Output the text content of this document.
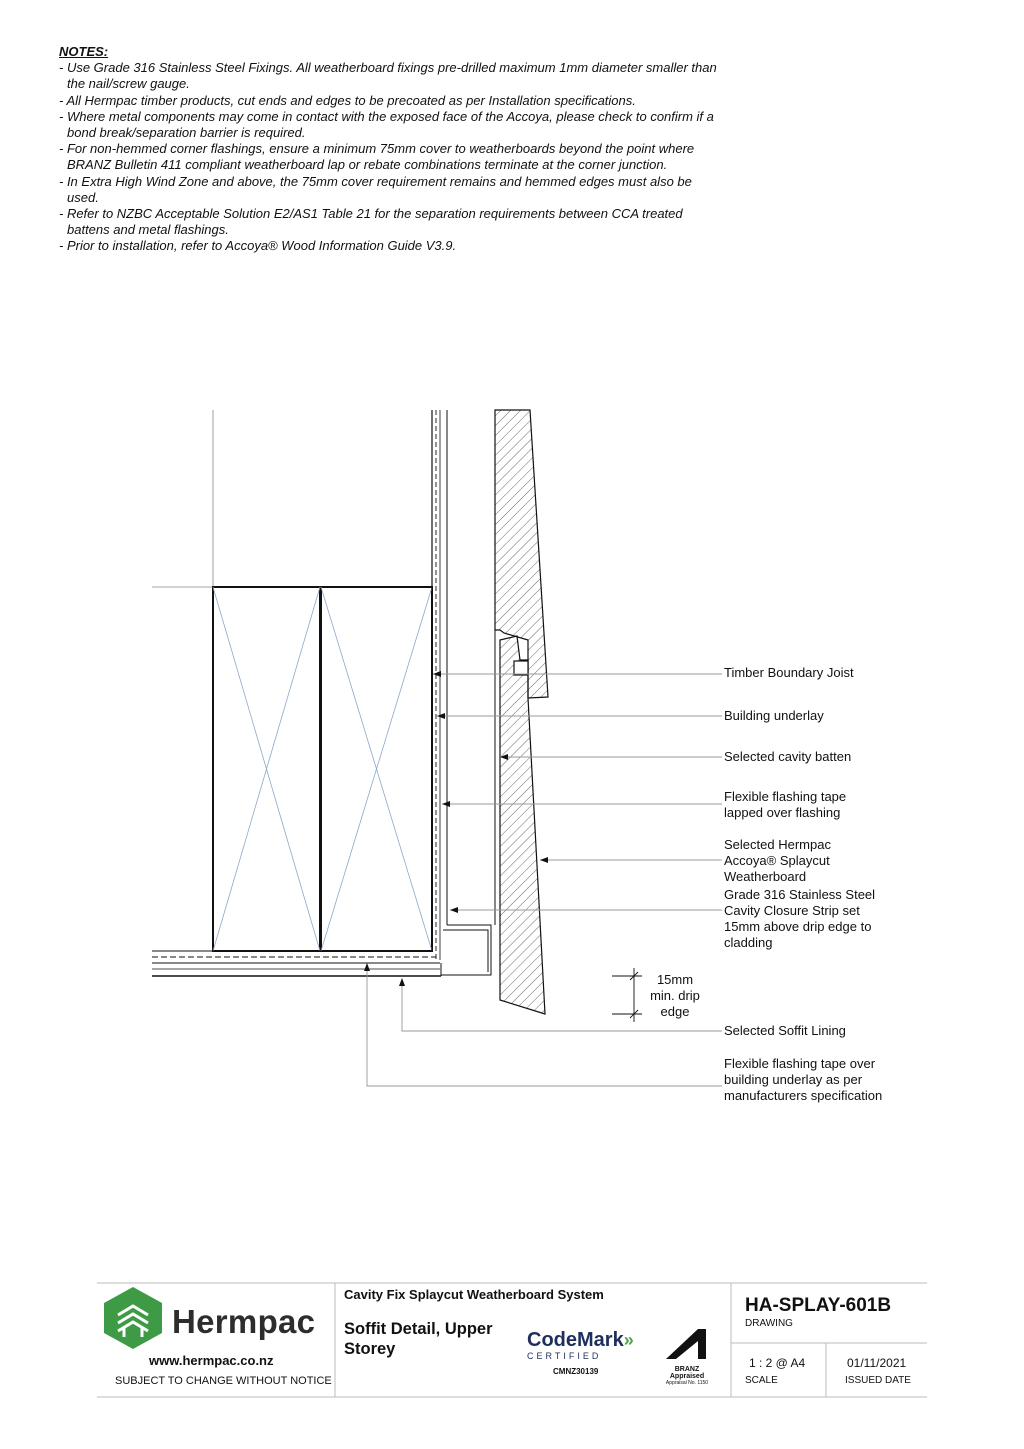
NOTES:
- Use Grade 316 Stainless Steel Fixings. All weatherboard fixings pre-drilled maximum 1mm diameter smaller than the nail/screw gauge.
- All Hermpac timber products, cut ends and edges to be precoated as per Installation specifications.
- Where metal components may come in contact with the exposed face of the Accoya, please check to confirm if a bond break/separation barrier is required.
- For non-hemmed corner flashings, ensure a minimum 75mm cover to weatherboards beyond the point where BRANZ Bulletin 411 compliant weatherboard lap or rebate combinations terminate at the corner junction.
- In Extra High Wind Zone and above, the 75mm cover requirement remains and hemmed edges must also be used.
- Refer to NZBC Acceptable Solution E2/AS1 Table 21 for the separation requirements between CCA treated battens and metal flashings.
- Prior to installation, refer to Accoya® Wood Information Guide V3.9.
Timber Boundary Joist
Building underlay
Selected cavity batten
Flexible flashing tape lapped over flashing
Selected Hermpac Accoya® Splaycut Weatherboard
Grade 316 Stainless Steel Cavity Closure Strip set 15mm above drip edge to cladding
Selected Soffit Lining
Flexible flashing tape over building underlay as per manufacturers specification
15mm
min. drip
edge
Hermpac
www.hermpac.co.nz
SUBJECT TO CHANGE WITHOUT NOTICE
Cavity Fix Splaycut Weatherboard System
Soffit Detail, Upper Storey	CodeMark»
CERTIFIED
CMNZ30139	BRANZ Appraised
Appraisal No. 1150
HA-SPLAY-601B
DRAWING
1 : 2 @ A4
SCALE
01/11/2021
ISSUED DATE
